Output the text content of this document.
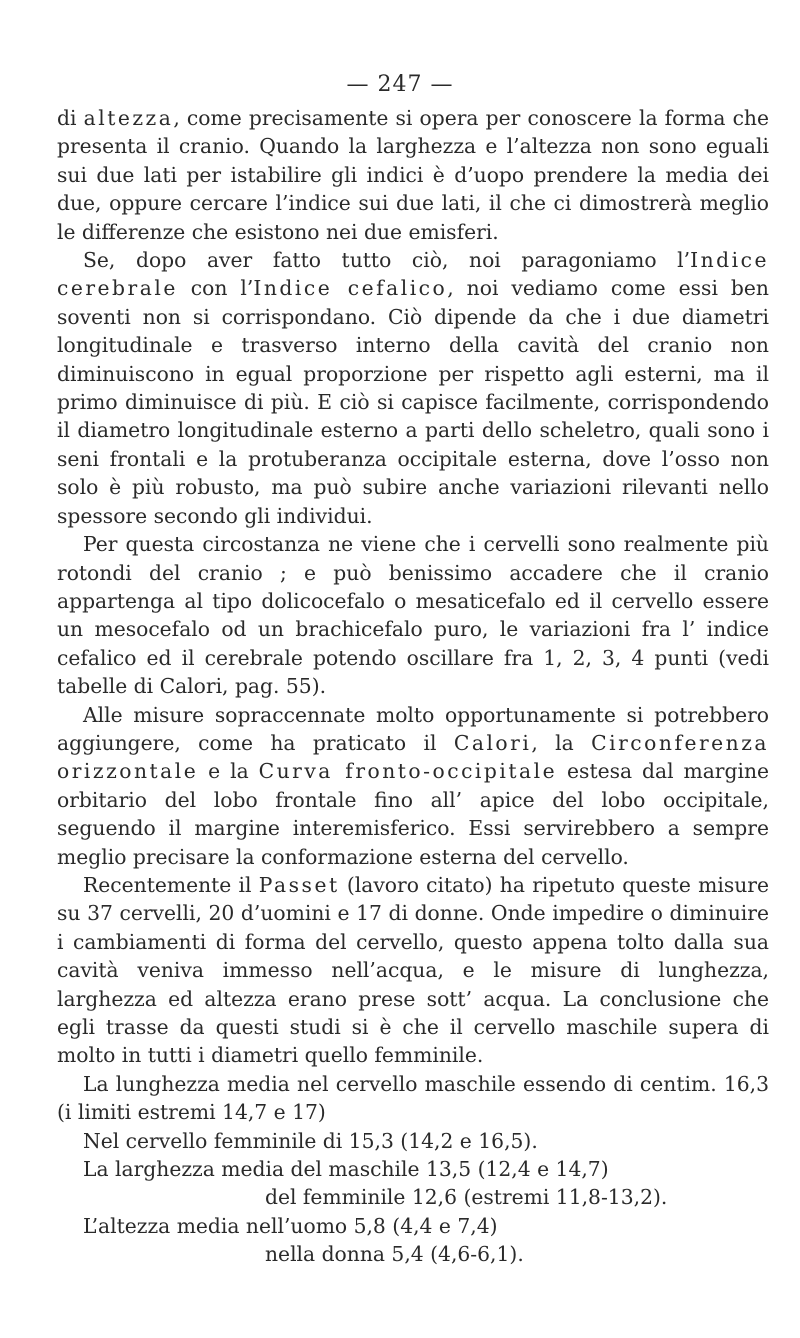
— 247 —

di altezza, come precisamente si opera per conoscere la forma che presenta il cranio. Quando la larghezza e l’altezza non sono eguali sui due lati per istabilire gli indici è d’uopo prendere la media dei due, oppure cercare l’indice sui due lati, il che ci dimostrerà meglio le differenze che esistono nei due emisferi.

Se, dopo aver fatto tutto ciò, noi paragoniamo l’Indice cerebrale con l’Indice cefalico, noi vediamo come essi ben soventi non si corrispondano. Ciò dipende da che i due diametri longitudinale e trasverso interno della cavità del cranio non diminuiscono in egual proporzione per rispetto agli esterni, ma il primo diminuisce di più. E ciò si capisce facilmente, corrispondendo il diametro longitudinale esterno a parti dello scheletro, quali sono i seni frontali e la protuberanza occipitale esterna, dove l’osso non solo è più robusto, ma può subire anche variazioni rilevanti nello spessore secondo gli individui.

Per questa circostanza ne viene che i cervelli sono realmente più rotondi del cranio ; e può benissimo accadere che il cranio appartenga al tipo dolicocefalo o mesaticefalo ed il cervello essere un mesocefalo od un brachicefalo puro, le variazioni fra l’ indice cefalico ed il cerebrale potendo oscillare fra 1, 2, 3, 4 punti (vedi tabelle di Calori, pag. 55).

Alle misure sopraccennate molto opportunamente si potrebbero aggiungere, come ha praticato il Calori, la Circonferenza orizzontale e la Curva fronto-occipitale estesa dal margine orbitario del lobo frontale fino all’ apice del lobo occipitale, seguendo il margine interemisferico. Essi servirebbero a sempre meglio precisare la conformazione esterna del cervello.

Recentemente il Passet (lavoro citato) ha ripetuto queste misure su 37 cervelli, 20 d’uomini e 17 di donne. Onde impedire o diminuire i cambiamenti di forma del cervello, questo appena tolto dalla sua cavità veniva immesso nell’acqua, e le misure di lunghezza, larghezza ed altezza erano prese sott’ acqua. La conclusione che egli trasse da questi studi si è che il cervello maschile supera di molto in tutti i diametri quello femminile.

La lunghezza media nel cervello maschile essendo di centim. 16,3 (i limiti estremi 14,7 e 17)

Nel cervello femminile di 15,3 (14,2 e 16,5).

La larghezza media del maschile 13,5 (12,4 e 14,7)

del femminile 12,6 (estremi 11,8-13,2).

L’altezza media nell’uomo 5,8 (4,4 e 7,4)

nella donna 5,4 (4,6-6,1).
